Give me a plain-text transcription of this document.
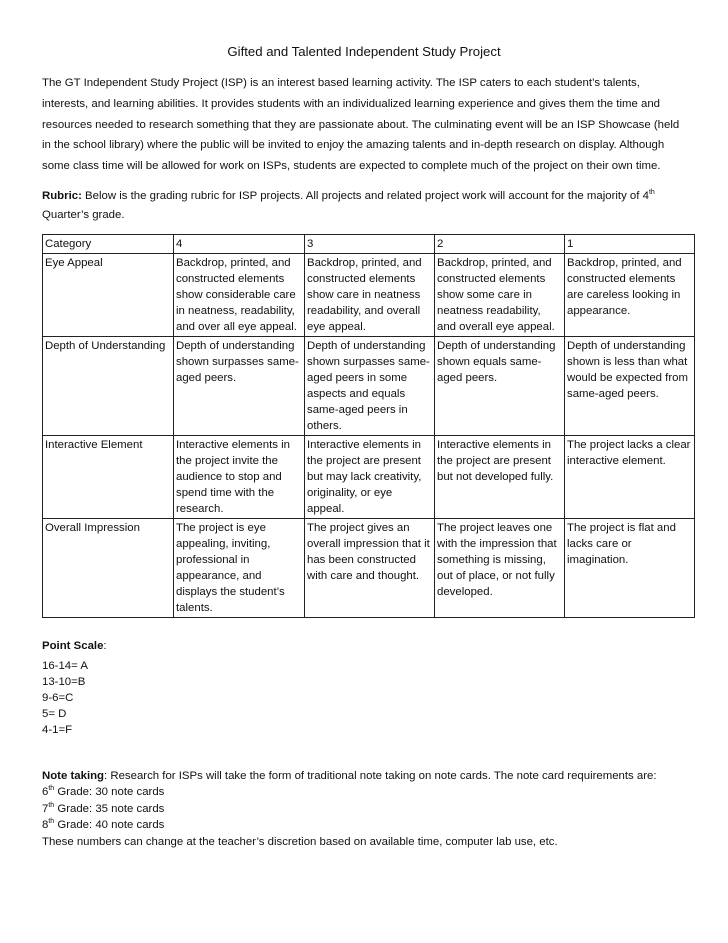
Gifted and Talented Independent Study Project

The GT Independent Study Project (ISP) is an interest based learning activity. The ISP caters to each student’s talents, interests, and learning abilities. It provides students with an individualized learning experience and gives them the time and resources needed to research something that they are passionate about. The culminating event will be an ISP Showcase (held in the school library) where the public will be invited to enjoy the amazing talents and in-depth research on display. Although some class time will be allowed for work on ISPs, students are expected to complete much of the project on their own time.

Rubric: Below is the grading rubric for ISP projects. All projects and related project work will account for the majority of 4th Quarter’s grade.

Category	4	3	2	1
Eye Appeal	Backdrop, printed, and constructed elements show considerable care in neatness, readability, and over all eye appeal.	Backdrop, printed, and constructed elements show care in neatness readability, and overall eye appeal.	Backdrop, printed, and constructed elements show some care in neatness readability, and overall eye appeal.	Backdrop, printed, and constructed elements are careless looking in appearance.
Depth of Understanding	Depth of understanding shown surpasses same-aged peers.	Depth of understanding shown surpasses same-aged peers in some aspects and equals same-aged peers in others.	Depth of understanding shown equals same-aged peers.	Depth of understanding shown is less than what would be expected from same-aged peers.
Interactive Element	Interactive elements in the project invite the audience to stop and spend time with the research.	Interactive elements in the project are present but may lack creativity, originality, or eye appeal.	Interactive elements in the project are present but not developed fully.	The project lacks a clear interactive element.
Overall Impression	The project is eye appealing, inviting, professional in appearance, and displays the student’s talents.	The project gives an overall impression that it has been constructed with care and thought.	The project leaves one with the impression that something is missing, out of place, or not fully developed.	The project is flat and lacks care or imagination.
Point Scale:
16-14= A
13-10=B
9-6=C
5= D
4-1=F
Note taking: Research for ISPs will take the form of traditional note taking on note cards. The note card requirements are:
6th Grade: 30 note cards
7th Grade: 35 note cards
8th Grade: 40 note cards
These numbers can change at the teacher’s discretion based on available time, computer lab use, etc.
